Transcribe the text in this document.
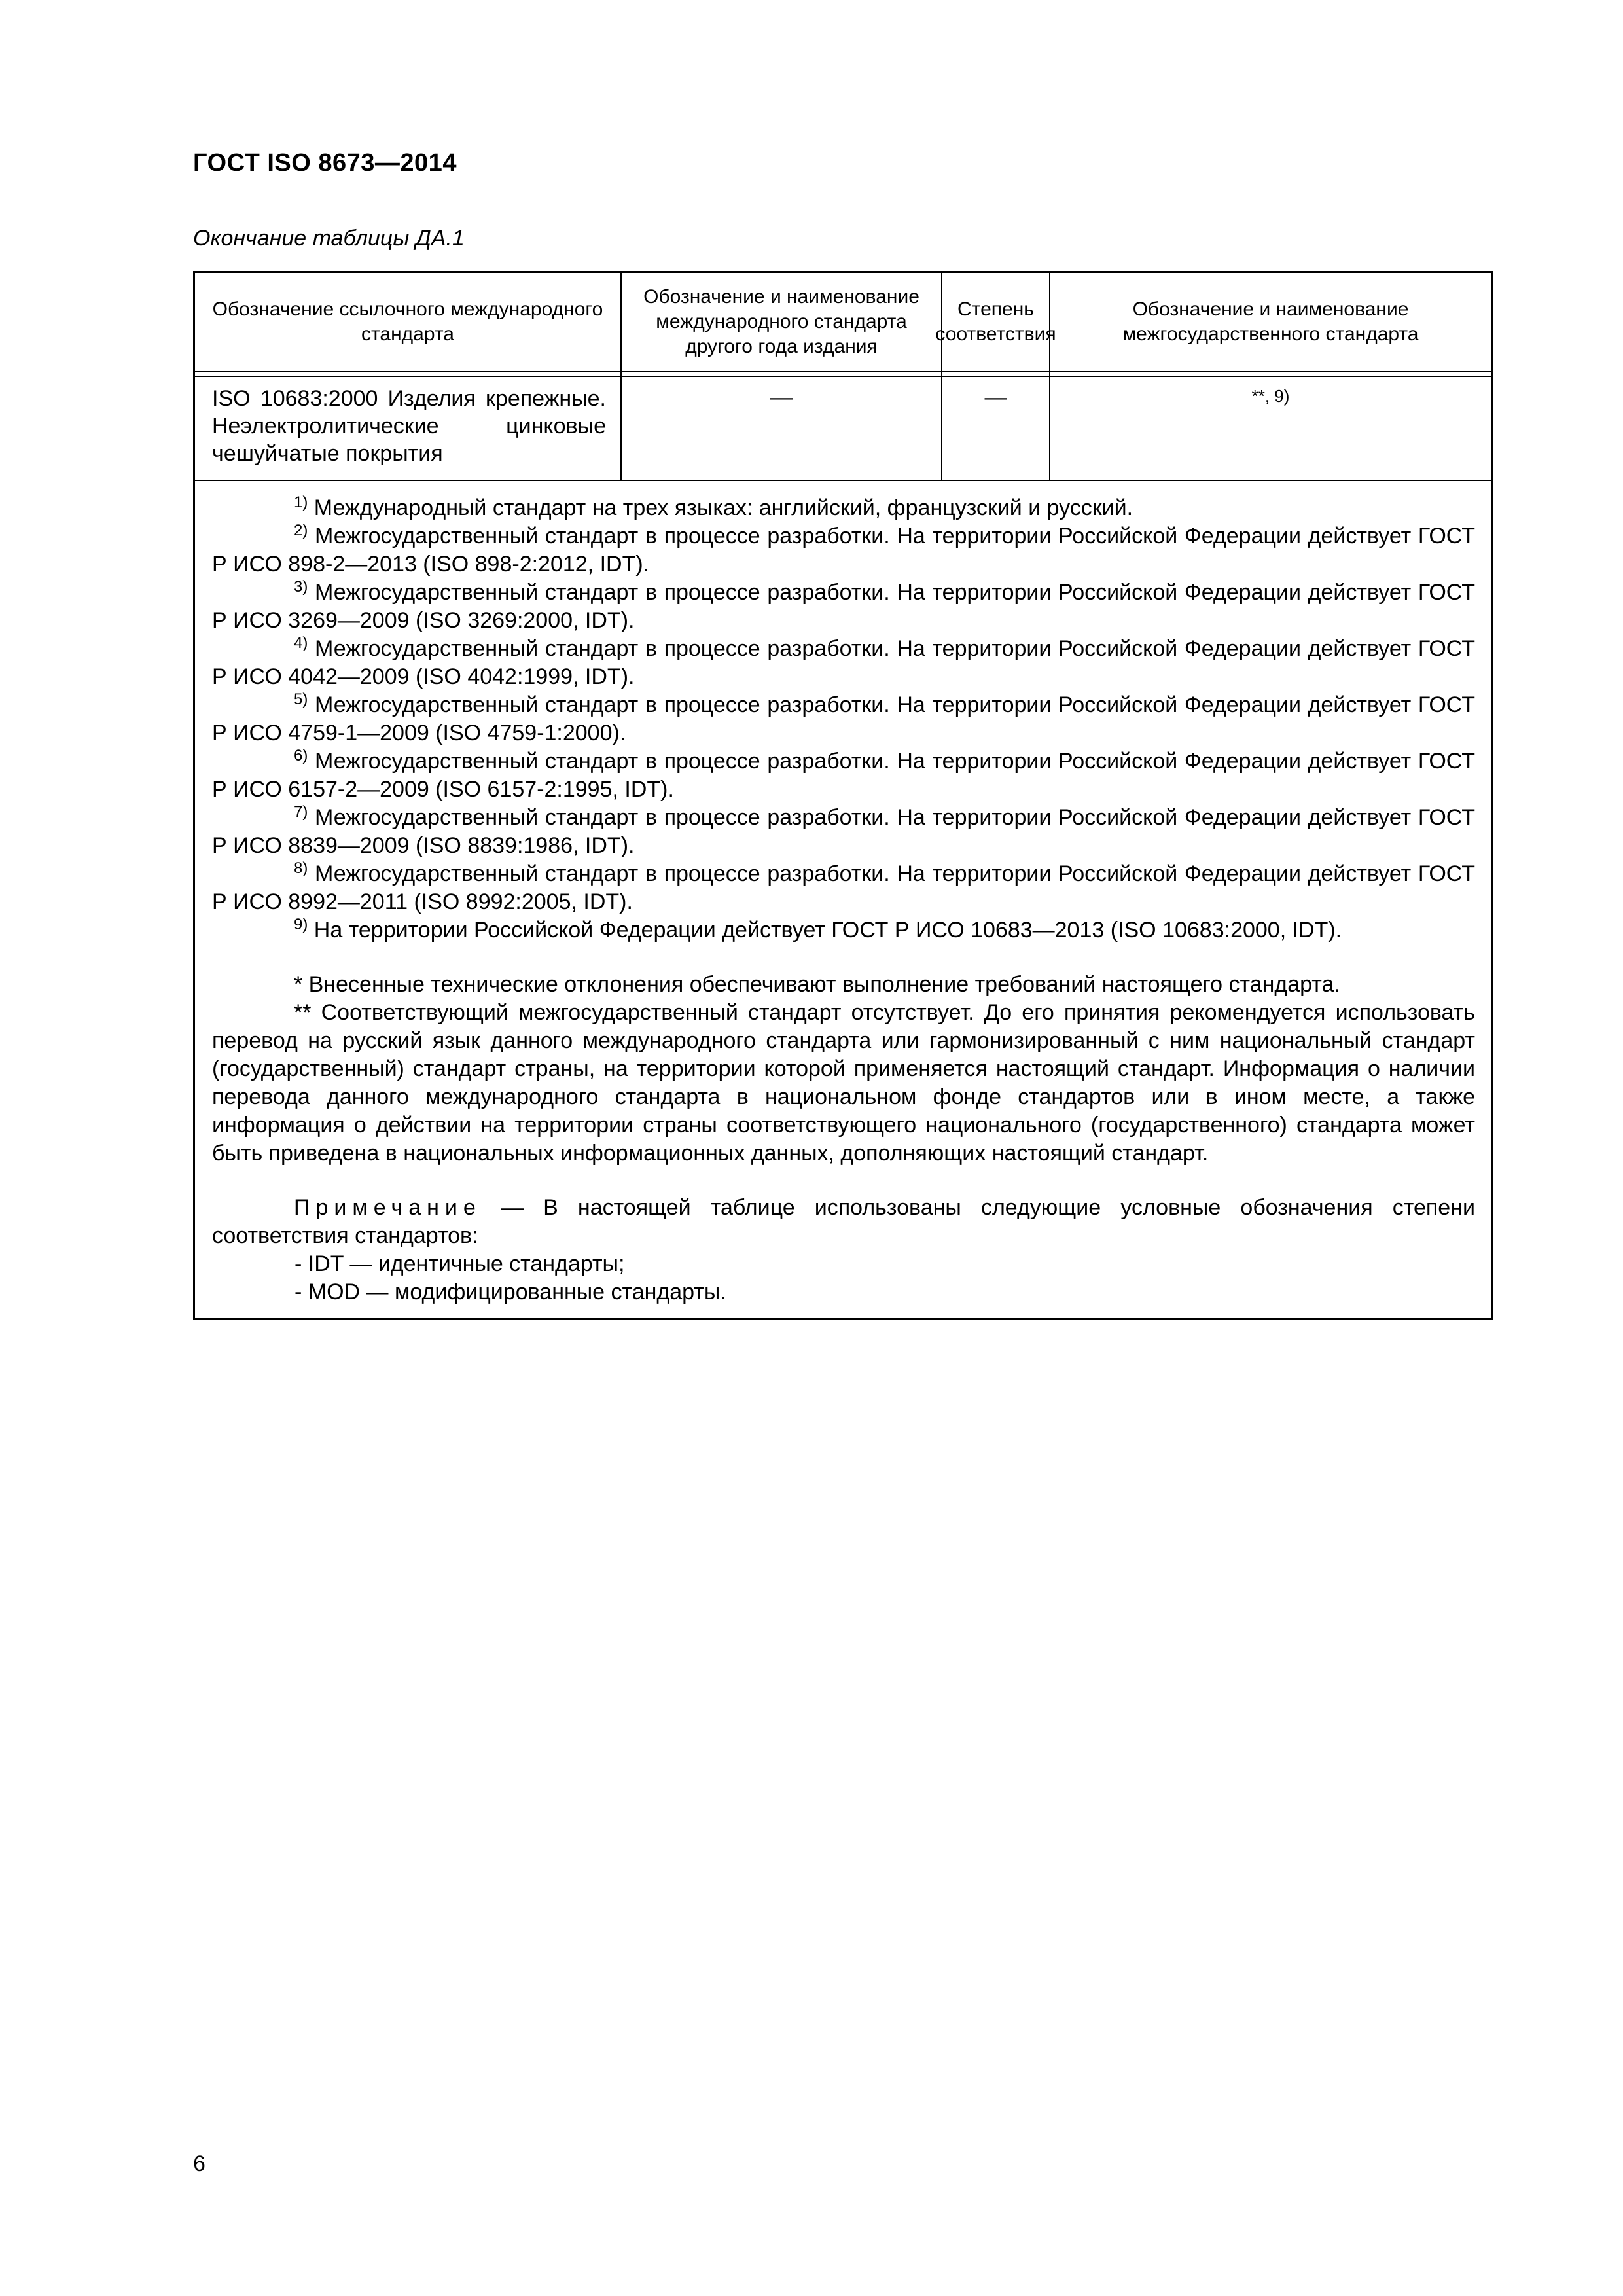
ГОСТ ISO 8673—2014
Окончание таблицы ДА.1
Обозначение ссылочного международного стандарта
Обозначение и наименование международного стандарта другого года издания
Степень соответствия
Обозначение и наименование межгосударственного стандарта
ISO 10683:2000 Изделия крепежные. Неэлектролитические цинковые чешуйчатые покрытия
—	—	**, 9)

$^{1)}$ Международный стандарт на трех языках: английский, французский и русский.

$^{2)}$ Межгосударственный стандарт в процессе разработки. На территории Российской Федерации действует ГОСТ Р ИСО 898-2—2013 (ISO 898-2:2012, IDT).

$^{3)}$ Межгосударственный стандарт в процессе разработки. На территории Российской Федерации действует ГОСТ Р ИСО 3269—2009 (ISO 3269:2000, IDT).

$^{4)}$ Межгосударственный стандарт в процессе разработки. На территории Российской Федерации действует ГОСТ Р ИСО 4042—2009 (ISO 4042:1999, IDT).

$^{5)}$ Межгосударственный стандарт в процессе разработки. На территории Российской Федерации действует ГОСТ Р ИСО 4759-1—2009 (ISO 4759-1:2000).

$^{6)}$ Межгосударственный стандарт в процессе разработки. На территории Российской Федерации действует ГОСТ Р ИСО 6157-2—2009 (ISO 6157-2:1995, IDT).

$^{7)}$ Межгосударственный стандарт в процессе разработки. На территории Российской Федерации действует ГОСТ Р ИСО 8839—2009 (ISO 8839:1986, IDT).

$^{8)}$ Межгосударственный стандарт в процессе разработки. На территории Российской Федерации действует ГОСТ Р ИСО 8992—2011 (ISO 8992:2005, IDT).

$^{9)}$ На территории Российской Федерации действует ГОСТ Р ИСО 10683—2013 (ISO 10683:2000, IDT).

* Внесенные технические отклонения обеспечивают выполнение требований настоящего стандарта.

** Соответствующий межгосударственный стандарт отсутствует. До его принятия рекомендуется использовать перевод на русский язык данного международного стандарта или гармонизированный с ним национальный стандарт (государственный) стандарт страны, на территории которой применяется настоящий стандарт. Информация о наличии перевода данного международного стандарта в национальном фонде стандартов или в ином месте, а также информация о действии на территории страны соответствующего национального (государственного) стандарта может быть приведена в национальных информационных данных, дополняющих настоящий стандарт.

Примечание — В настоящей таблице использованы следующие условные обозначения степени соответствия стандартов:

- IDT — идентичные стандарты;

- MOD — модифицированные стандарты.

6
